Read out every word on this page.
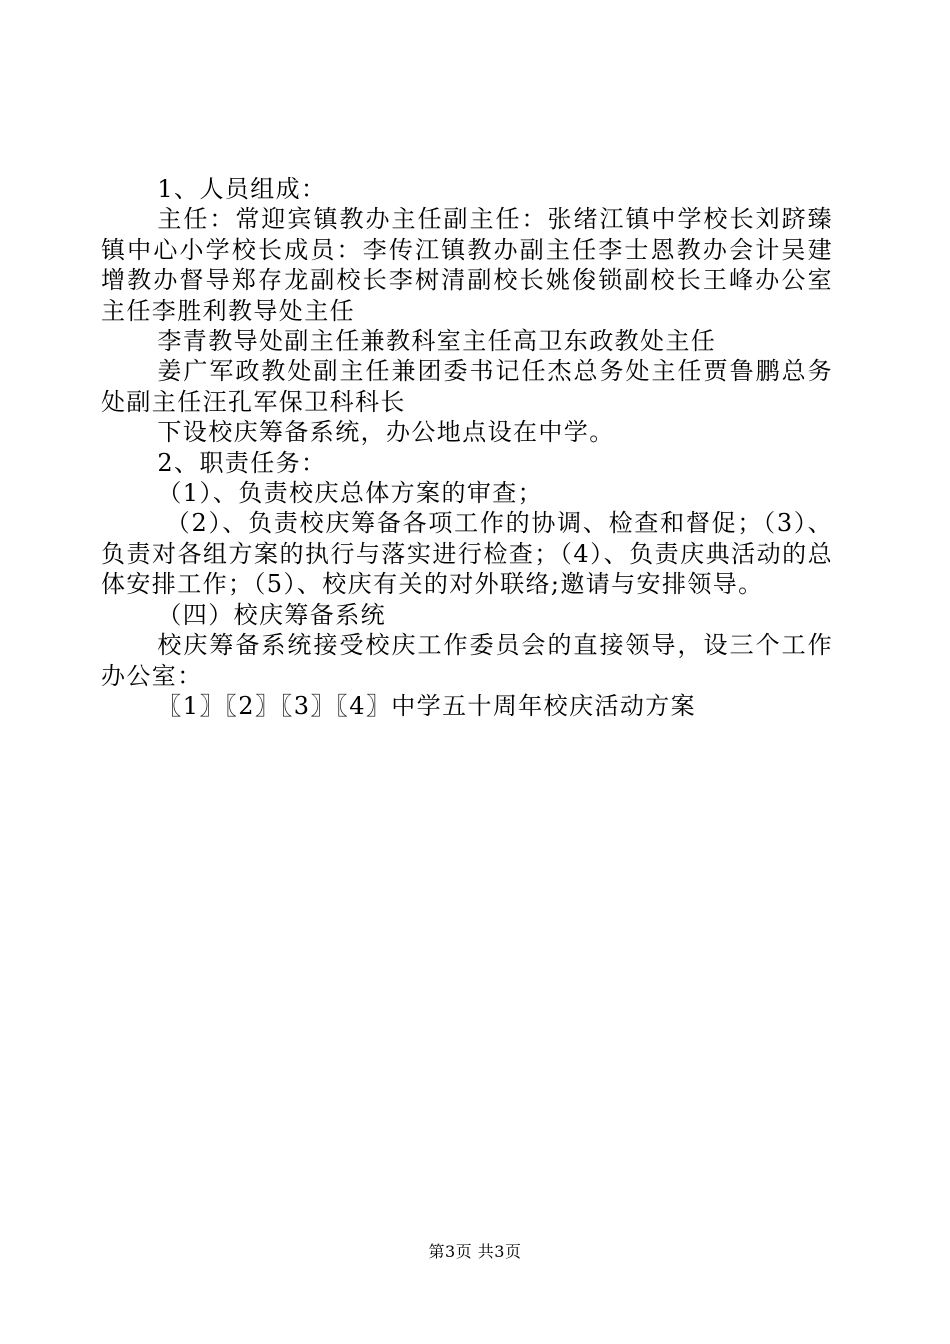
1、人员组成：

主任：常迎宾镇教办主任副主任：张绪江镇中学校长刘跻臻镇中心小学校长成员：李传江镇教办副主任李士恩教办会计吴建增教办督导郑存龙副校长李树清副校长姚俊锁副校长王峰办公室主任李胜利教导处主任

李青教导处副主任兼教科室主任高卫东政教处主任

姜广军政教处副主任兼团委书记任杰总务处主任贾鲁鹏总务处副主任汪孔军保卫科科长

下设校庆筹备系统，办公地点设在中学。

2、职责任务：

（1）、负责校庆总体方案的审查；

（2）、负责校庆筹备各项工作的协调、检查和督促；（3）、负责对各组方案的执行与落实进行检查；（4）、负责庆典活动的总体安排工作；（5）、校庆有关的对外联络;邀请与安排领导。

（四）校庆筹备系统

校庆筹备系统接受校庆工作委员会的直接领导，设三个工作办公室：

〖1〗〖2〗〖3〗〖4〗中学五十周年校庆活动方案

第3页 共3页
